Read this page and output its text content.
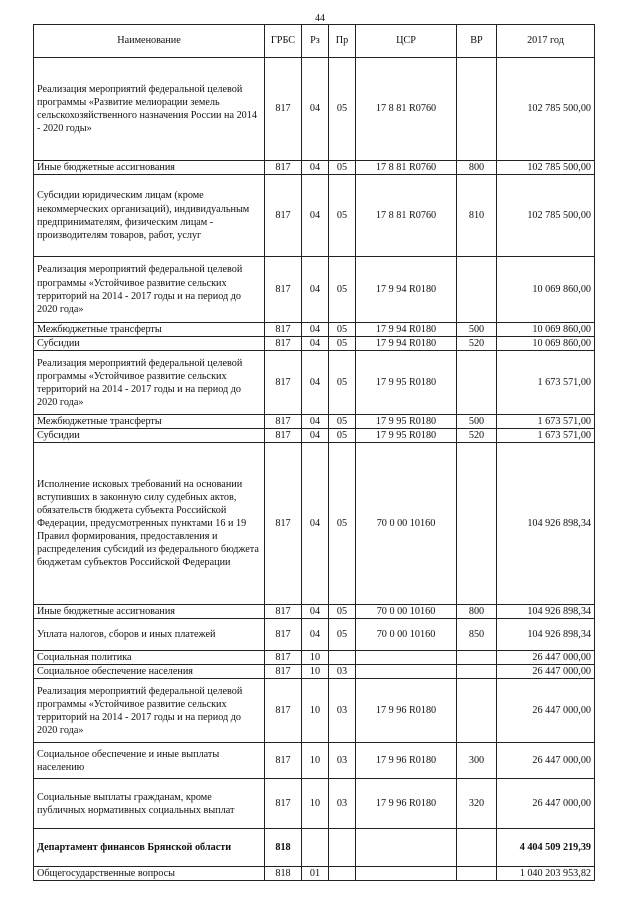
44
Наименование	ГРБС	Рз	Пр	ЦСР	ВР	2017 год
Реализация мероприятий федеральной целевой программы «Развитие мелиорации земель сельскохозяйственного назначения России на 2014 - 2020 годы»	817	04	05	17 8 81 R0760		102 785 500,00
Иные бюджетные ассигнования	817	04	05	17 8 81 R0760	800	102 785 500,00
Субсидии юридическим лицам (кроме некоммерческих организаций), индивидуальным предпринимателям, физическим лицам - производителям товаров, работ, услуг	817	04	05	17 8 81 R0760	810	102 785 500,00
Реализация мероприятий федеральной целевой программы «Устойчивое развитие сельских территорий на 2014 - 2017 годы и на период до 2020 года»	817	04	05	17 9 94 R0180		10 069 860,00
Межбюджетные трансферты	817	04	05	17 9 94 R0180	500	10 069 860,00
Субсидии	817	04	05	17 9 94 R0180	520	10 069 860,00
Реализация мероприятий федеральной целевой программы «Устойчивое развитие сельских территорий на 2014 - 2017 годы и на период до 2020 года»	817	04	05	17 9 95 R0180		1 673 571,00
Межбюджетные трансферты	817	04	05	17 9 95 R0180	500	1 673 571,00
Субсидии	817	04	05	17 9 95 R0180	520	1 673 571,00
Исполнение исковых требований на основании вступивших в законную силу судебных актов, обязательств бюджета субъекта Российской Федерации, предусмотренных пунктами 16 и 19 Правил формирования, предоставления и распределения субсидий из федерального бюджета бюджетам субъектов Российской Федерации	817	04	05	70 0 00 10160		104 926 898,34
Иные бюджетные ассигнования	817	04	05	70 0 00 10160	800	104 926 898,34
Уплата налогов, сборов и иных платежей	817	04	05	70 0 00 10160	850	104 926 898,34
Социальная политика	817	10				26 447 000,00
Социальное обеспечение населения	817	10	03			26 447 000,00
Реализация мероприятий федеральной целевой программы «Устойчивое развитие сельских территорий на 2014 - 2017 годы и на период до 2020 года»	817	10	03	17 9 96 R0180		26 447 000,00
Социальное обеспечение и иные выплаты населению	817	10	03	17 9 96 R0180	300	26 447 000,00
Социальные выплаты гражданам, кроме публичных нормативных социальных выплат	817	10	03	17 9 96 R0180	320	26 447 000,00
Департамент финансов Брянской области	818					4 404 509 219,39
Общегосударственные вопросы	818	01				1 040 203 953,82
